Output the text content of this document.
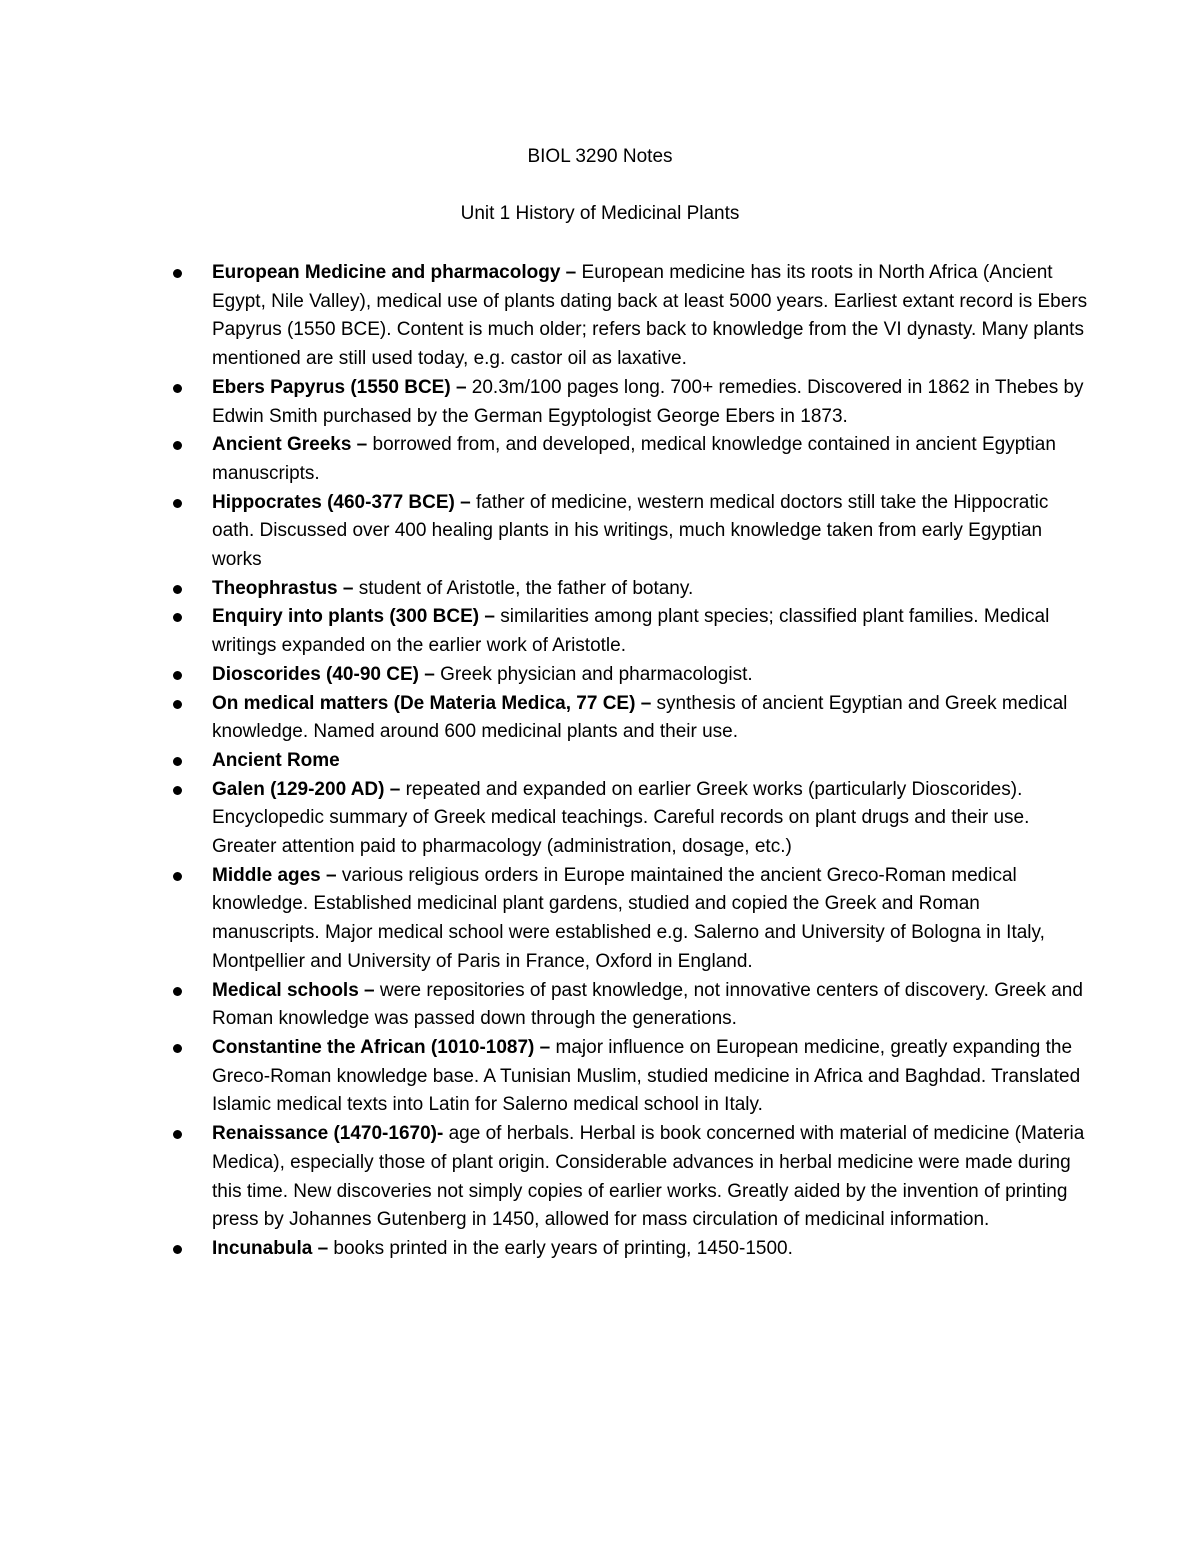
BIOL 3290 Notes
Unit 1 History of Medicinal Plants
European Medicine and pharmacology – European medicine has its roots in North Africa (Ancient Egypt, Nile Valley), medical use of plants dating back at least 5000 years. Earliest extant record is Ebers Papyrus (1550 BCE). Content is much older; refers back to knowledge from the VI dynasty. Many plants mentioned are still used today, e.g. castor oil as laxative.
Ebers Papyrus (1550 BCE) – 20.3m/100 pages long. 700+ remedies. Discovered in 1862 in Thebes by Edwin Smith purchased by the German Egyptologist George Ebers in 1873.
Ancient Greeks – borrowed from, and developed, medical knowledge contained in ancient Egyptian manuscripts.
Hippocrates (460-377 BCE) – father of medicine, western medical doctors still take the Hippocratic oath. Discussed over 400 healing plants in his writings, much knowledge taken from early Egyptian works
Theophrastus – student of Aristotle, the father of botany.
Enquiry into plants (300 BCE) – similarities among plant species; classified plant families. Medical writings expanded on the earlier work of Aristotle.
Dioscorides (40-90 CE) – Greek physician and pharmacologist.
On medical matters (De Materia Medica, 77 CE) – synthesis of ancient Egyptian and Greek medical knowledge. Named around 600 medicinal plants and their use.
Ancient Rome
Galen (129-200 AD) – repeated and expanded on earlier Greek works (particularly Dioscorides). Encyclopedic summary of Greek medical teachings. Careful records on plant drugs and their use. Greater attention paid to pharmacology (administration, dosage, etc.)
Middle ages – various religious orders in Europe maintained the ancient Greco-Roman medical knowledge. Established medicinal plant gardens, studied and copied the Greek and Roman manuscripts. Major medical school were established e.g. Salerno and University of Bologna in Italy, Montpellier and University of Paris in France, Oxford in England.
Medical schools – were repositories of past knowledge, not innovative centers of discovery. Greek and Roman knowledge was passed down through the generations.
Constantine the African (1010-1087) – major influence on European medicine, greatly expanding the Greco-Roman knowledge base. A Tunisian Muslim, studied medicine in Africa and Baghdad. Translated Islamic medical texts into Latin for Salerno medical school in Italy.
Renaissance (1470-1670)- age of herbals. Herbal is book concerned with material of medicine (Materia Medica), especially those of plant origin. Considerable advances in herbal medicine were made during this time. New discoveries not simply copies of earlier works. Greatly aided by the invention of printing press by Johannes Gutenberg in 1450, allowed for mass circulation of medicinal information.
Incunabula – books printed in the early years of printing, 1450-1500.
